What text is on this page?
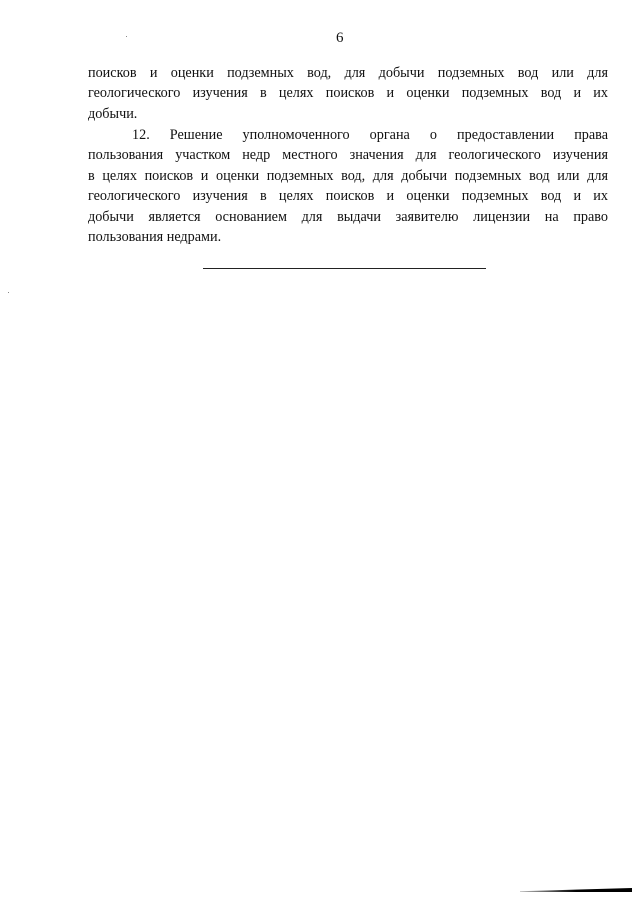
6
поисков и оценки подземных вод, для добычи подземных вод или для
геологического изучения в целях поисков и оценки подземных вод и их
добычи.
12. Решение уполномоченного органа о предоставлении права
пользования участком недр местного значения для геологического изучения
в целях поисков и оценки подземных вод, для добычи подземных вод или для
геологического изучения в целях поисков и оценки подземных вод и их
добычи является основанием для выдачи заявителю лицензии на право
пользования недрами.
